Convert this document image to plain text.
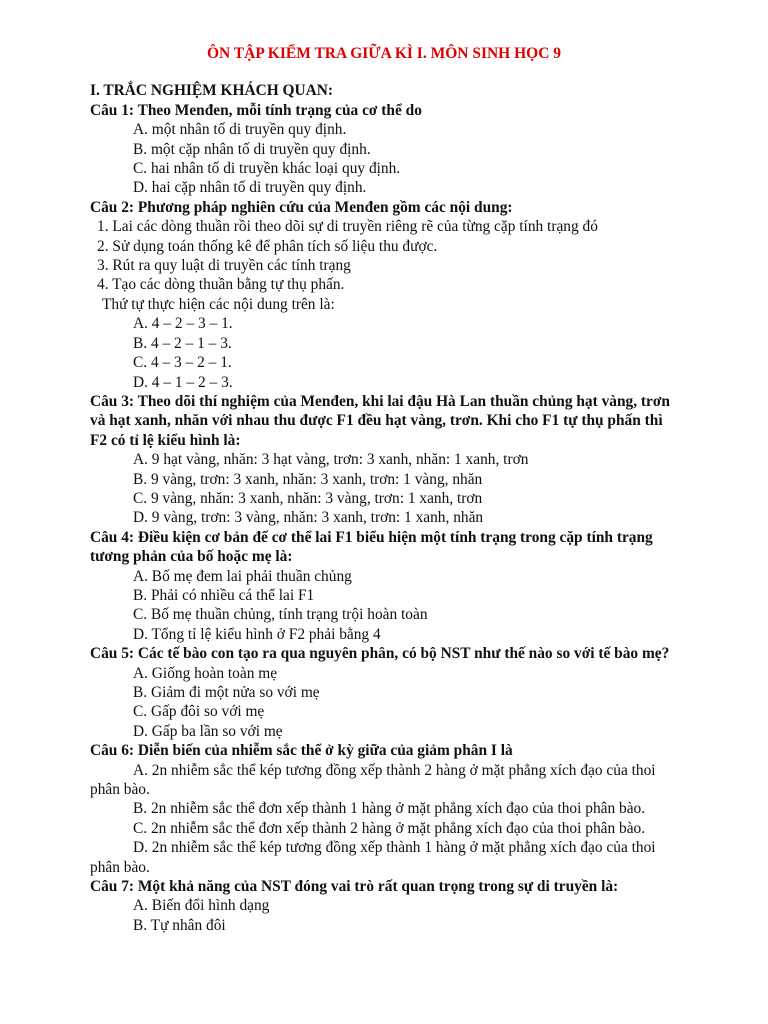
ÔN TẬP KIỂM TRA GIỮA KÌ I. MÔN SINH HỌC 9

I. TRẮC NGHIỆM KHÁCH QUAN:

Câu 1: Theo Menđen, mỗi tính trạng của cơ thể do

A. một nhân tố di truyền quy định.

B. một cặp nhân tố di truyền quy định.

C. hai nhân tố di truyền khác loại quy định.

D. hai cặp nhân tố di truyền quy định.

Câu 2: Phương pháp nghiên cứu của Menđen gồm các nội dung:

1. Lai các dòng thuần rồi theo dõi sự di truyền riêng rẽ của từng cặp tính trạng đó

2. Sử dụng toán thống kê để phân tích số liệu thu được.

3. Rút ra quy luật di truyền các tính trạng

4. Tạo các dòng thuần bằng tự thụ phấn.

Thứ tự thực hiện các nội dung trên là:

A. 4 – 2 – 3 – 1.

B. 4 – 2 – 1 – 3.

C. 4 – 3 – 2 – 1.

D. 4 – 1 – 2 – 3.

Câu 3: Theo dõi thí nghiệm của Menđen, khi lai đậu Hà Lan thuần chủng hạt vàng, trơn và hạt xanh, nhăn với nhau thu được F1 đều hạt vàng, trơn. Khi cho F1 tự thụ phấn thì F2 có tỉ lệ kiểu hình là:

A. 9 hạt vàng, nhăn: 3 hạt vàng, trơn: 3 xanh, nhăn: 1 xanh, trơn

B. 9 vàng, trơn: 3 xanh, nhăn: 3 xanh, trơn: 1 vàng, nhăn

C. 9 vàng, nhăn: 3 xanh, nhăn: 3 vàng, trơn: 1 xanh, trơn

D. 9 vàng, trơn: 3 vàng, nhăn: 3 xanh, trơn: 1 xanh, nhăn

Câu 4: Điều kiện cơ bản để cơ thể lai F1 biểu hiện một tính trạng trong cặp tính trạng tương phản của bố hoặc mẹ là:

A. Bố mẹ đem lai phải thuần chủng

B. Phải có nhiều cá thể lai F1

C. Bố mẹ thuần chủng, tính trạng trội hoàn toàn

D. Tổng tỉ lệ kiểu hình ở F2 phải bằng 4

Câu 5: Các tế bào con tạo ra qua nguyên phân, có bộ NST như thế nào so với tế bào mẹ?

A. Giống hoàn toàn mẹ

B. Giảm đi một nửa so với mẹ

C. Gấp đôi so với mẹ

D. Gấp ba lần so với mẹ

Câu 6: Diễn biến của nhiễm sắc thể ở kỳ giữa của giảm phân I là

A. 2n nhiễm sắc thể kép tương đồng xếp thành 2 hàng ở mặt phẳng xích đạo của thoi phân bào.

B. 2n nhiễm sắc thể đơn xếp thành 1 hàng ở mặt phẳng xích đạo của thoi phân bào.

C. 2n nhiễm sắc thể đơn xếp thành 2 hàng ở mặt phẳng xích đạo của thoi phân bào.

D. 2n nhiễm sắc thể kép tương đồng xếp thành 1 hàng ở mặt phẳng xích đạo của thoi phân bào.

Câu 7: Một khả năng của NST đóng vai trò rất quan trọng trong sự di truyền là:

A. Biến đổi hình dạng

B. Tự nhân đôi
